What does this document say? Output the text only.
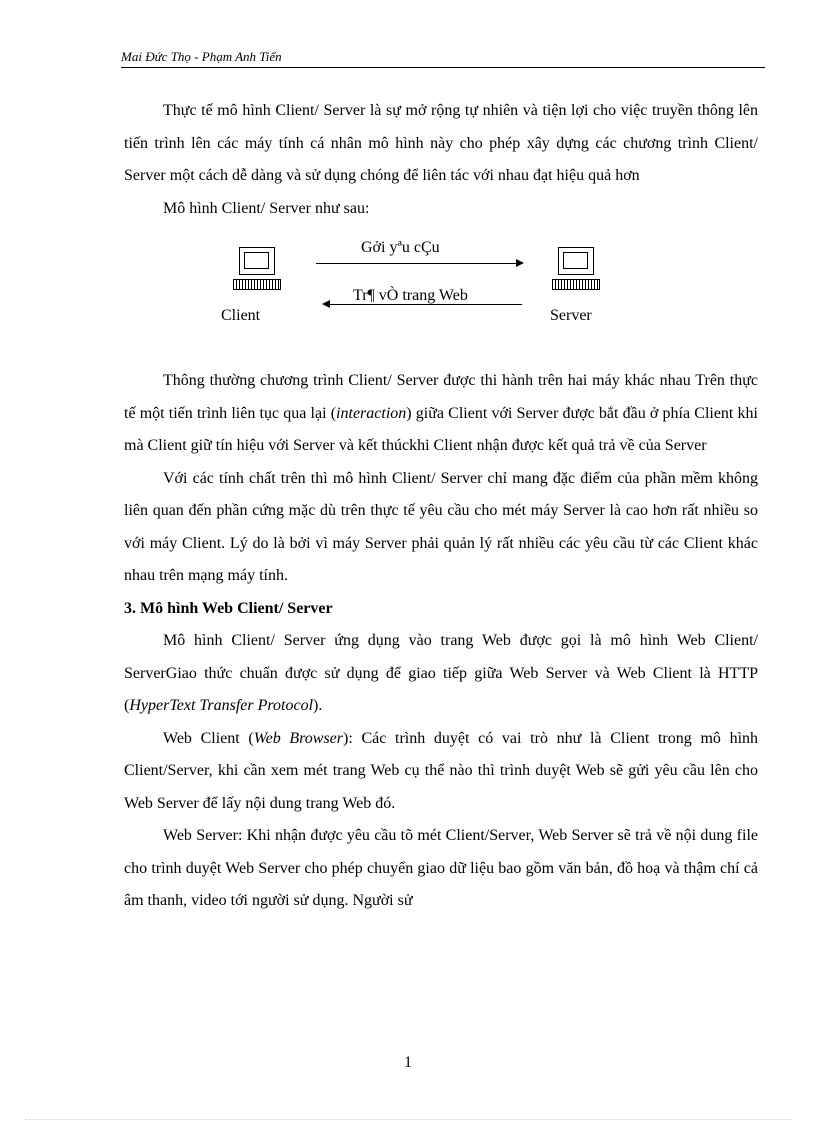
Mai Đức Thọ - Phạm Anh Tiến

Thực tế mô hình Client/ Server là sự mở rộng tự nhiên và tiện lợi cho việc truyền thông lên tiến trình lên các máy tính cá nhân mô hình này cho phép xây dựng các chương trình Client/ Server một cách dễ dàng và sử dụng chóng để liên tác với nhau đạt hiệu quả hơn

Mô hình Client/ Server như sau:

Client
Gởi yªu cÇu
Tr¶ vÒ trang Web
Server

Thông thường chương trình Client/ Server được thi hành trên hai máy khác nhau Trên thực tế một tiến trình liên tục qua lại (interaction) giữa Client với Server được bắt đầu ở phía Client khi mà Client giữ tín hiệu với Server và kết thúckhi Client nhận được kết quả trả về của Server

Với các tính chất trên thì mô hình Client/ Server chỉ mang đặc điểm của phần mềm không liên quan đến phần cứng mặc dù trên thực tế yêu cầu cho mét máy Server là cao hơn rất nhiều so với máy Client. Lý do là bởi vì máy Server phải quản lý rất nhiều các yêu cầu từ các Client khác nhau trên mạng máy tính.

3. Mô hình Web Client/ Server

Mô hình Client/ Server ứng dụng vào trang Web được gọi là mô hình Web Client/ ServerGiao thức chuẩn được sử dụng để giao tiếp giữa Web Server và Web Client là HTTP (HyperText Transfer Protocol).

Web Client (Web Browser): Các trình duyệt có vai trò như là Client trong mô hình Client/Server, khi cần xem mét trang Web cụ thể nào thì trình duyệt Web sẽ gửi yêu cầu lên cho Web Server để lấy nội dung trang Web đó.

Web Server: Khi nhận được yêu cầu tõ mét Client/Server, Web Server sẽ trả về nội dung file cho trình duyệt Web Server cho phép chuyển giao dữ liệu bao gồm văn bản, đồ hoạ và thậm chí cả âm thanh, video tới người sử dụng. Người sử

1
